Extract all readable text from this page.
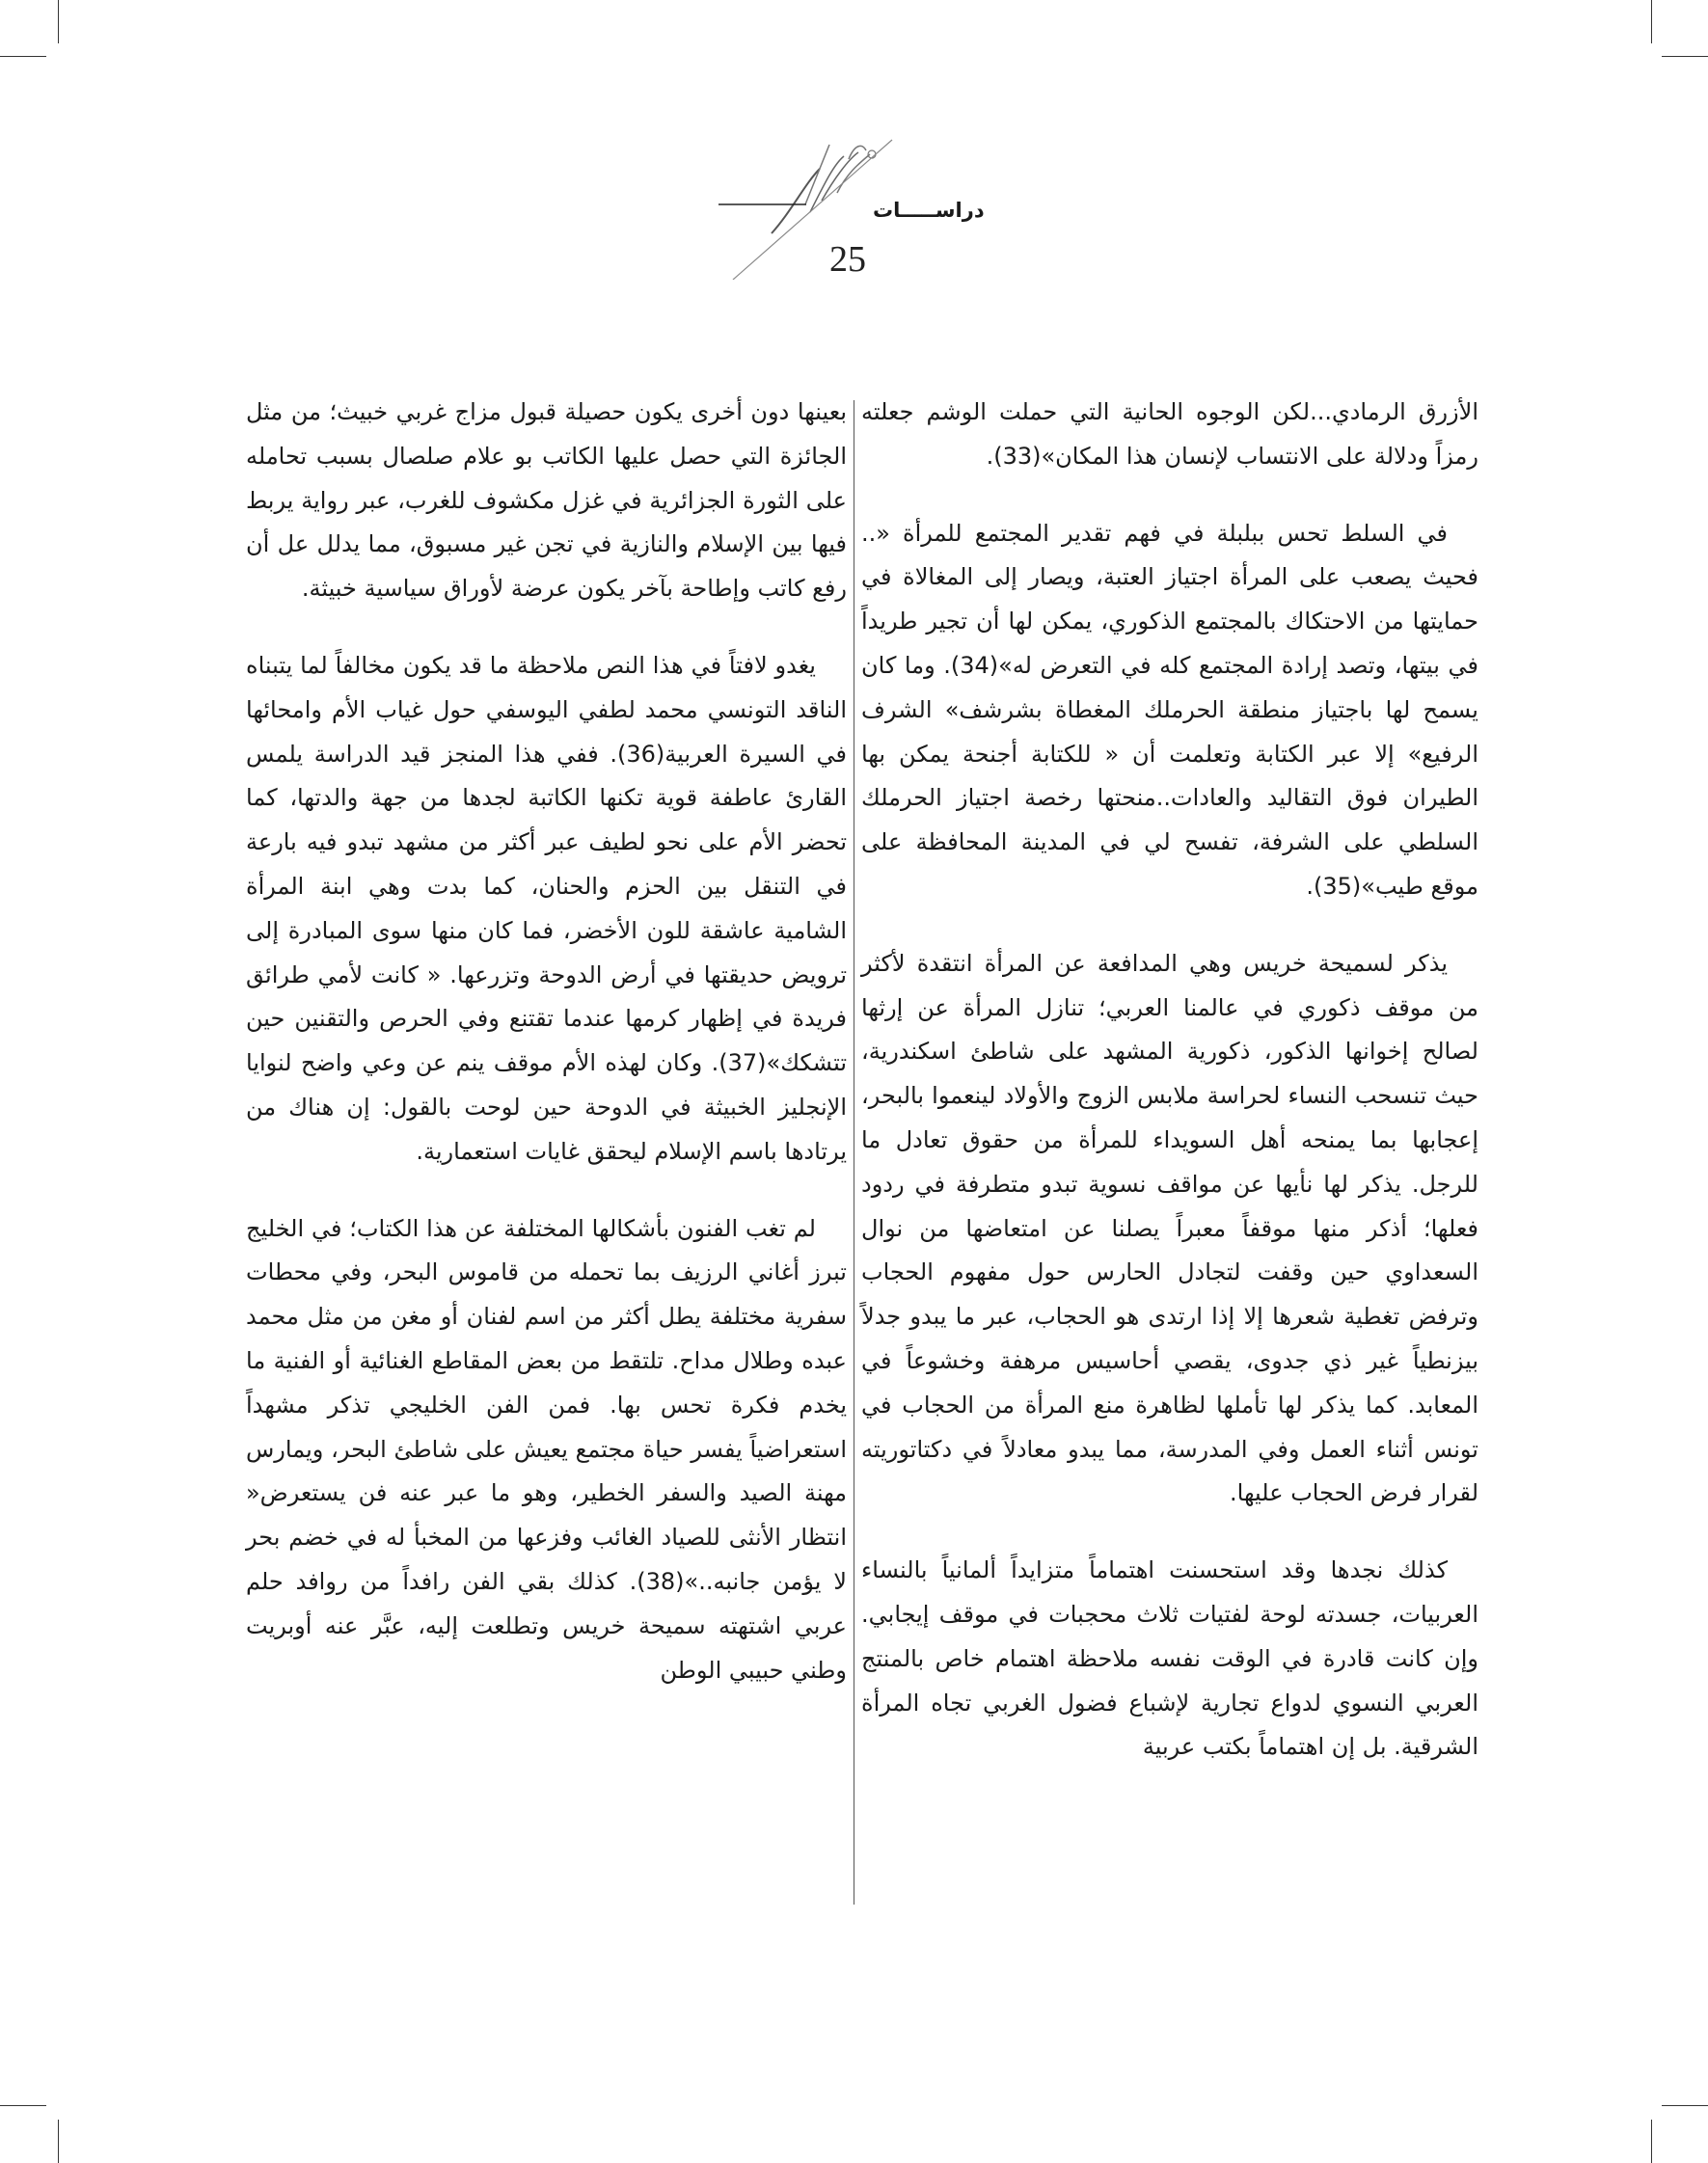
دراســـــات
25

الأزرق الرمادي...لكن الوجوه الحانية التي حملت الوشم جعلته رمزاً ودلالة على الانتساب لإنسان هذا المكان»(33).

في السلط تحس ببلبلة في فهم تقدير المجتمع للمرأة «.. فحيث يصعب على المرأة اجتياز العتبة، ويصار إلى المغالاة في حمايتها من الاحتكاك بالمجتمع الذكوري، يمكن لها أن تجير طريداً في بيتها، وتصد إرادة المجتمع كله في التعرض له»(34). وما كان يسمح لها باجتياز منطقة الحرملك المغطاة بشرشف» الشرف الرفيع» إلا عبر الكتابة وتعلمت أن « للكتابة أجنحة يمكن بها الطيران فوق التقاليد والعادات..منحتها رخصة اجتياز الحرملك السلطي على الشرفة، تفسح لي في المدينة المحافظة على موقع طيب»(35).

يذكر لسميحة خريس وهي المدافعة عن المرأة انتقدة لأكثر من موقف ذكوري في عالمنا العربي؛ تنازل المرأة عن إرثها لصالح إخوانها الذكور، ذكورية المشهد على شاطئ اسكندرية، حيث تنسحب النساء لحراسة ملابس الزوج والأولاد لينعموا بالبحر، إعجابها بما يمنحه أهل السويداء للمرأة من حقوق تعادل ما للرجل. يذكر لها نأيها عن مواقف نسوية تبدو متطرفة في ردود فعلها؛ أذكر منها موقفاً معبراً يصلنا عن امتعاضها من نوال السعداوي حين وقفت لتجادل الحارس حول مفهوم الحجاب وترفض تغطية شعرها إلا إذا ارتدى هو الحجاب، عبر ما يبدو جدلاً بيزنطياً غير ذي جدوى، يقصي أحاسيس مرهفة وخشوعاً في المعابد. كما يذكر لها تأملها لظاهرة منع المرأة من الحجاب في تونس أثناء العمل وفي المدرسة، مما يبدو معادلاً في دكتاتوريته لقرار فرض الحجاب عليها.

كذلك نجدها وقد استحسنت اهتماماً متزايداً ألمانياً بالنساء العربيات، جسدته لوحة لفتيات ثلاث محجبات في موقف إيجابي. وإن كانت قادرة في الوقت نفسه ملاحظة اهتمام خاص بالمنتج العربي النسوي لدواع تجارية لإشباع فضول الغربي تجاه المرأة الشرقية. بل إن اهتماماً بكتب عربية

بعينها دون أخرى يكون حصيلة قبول مزاج غربي خبيث؛ من مثل الجائزة التي حصل عليها الكاتب بو علام صلصال بسبب تحامله على الثورة الجزائرية في غزل مكشوف للغرب، عبر رواية يربط فيها بين الإسلام والنازية في تجن غير مسبوق، مما يدلل عل أن رفع كاتب وإطاحة بآخر يكون عرضة لأوراق سياسية خبيثة.

يغدو لافتاً في هذا النص ملاحظة ما قد يكون مخالفاً لما يتبناه الناقد التونسي محمد لطفي اليوسفي حول غياب الأم وامحائها في السيرة العربية(36). ففي هذا المنجز قيد الدراسة يلمس القارئ عاطفة قوية تكنها الكاتبة لجدها من جهة والدتها، كما تحضر الأم على نحو لطيف عبر أكثر من مشهد تبدو فيه بارعة في التنقل بين الحزم والحنان، كما بدت وهي ابنة المرأة الشامية عاشقة للون الأخضر، فما كان منها سوى المبادرة إلى ترويض حديقتها في أرض الدوحة وتزرعها. « كانت لأمي طرائق فريدة في إظهار كرمها عندما تقتنع وفي الحرص والتقنين حين تتشكك»(37). وكان لهذه الأم موقف ينم عن وعي واضح لنوايا الإنجليز الخبيثة في الدوحة حين لوحت بالقول: إن هناك من يرتادها باسم الإسلام ليحقق غايات استعمارية.

لم تغب الفنون بأشكالها المختلفة عن هذا الكتاب؛ في الخليج تبرز أغاني الرزيف بما تحمله من قاموس البحر، وفي محطات سفرية مختلفة يطل أكثر من اسم لفنان أو مغن من مثل محمد عبده وطلال مداح. تلتقط من بعض المقاطع الغنائية أو الفنية ما يخدم فكرة تحس بها. فمن الفن الخليجي تذكر مشهداً استعراضياً يفسر حياة مجتمع يعيش على شاطئ البحر، ويمارس مهنة الصيد والسفر الخطير، وهو ما عبر عنه فن يستعرض« انتظار الأنثى للصياد الغائب وفزعها من المخبأ له في خضم بحر لا يؤمن جانبه..»(38). كذلك بقي الفن رافداً من روافد حلم عربي اشتهته سميحة خريس وتطلعت إليه، عبَّر عنه أوبريت وطني حبيبي الوطن
